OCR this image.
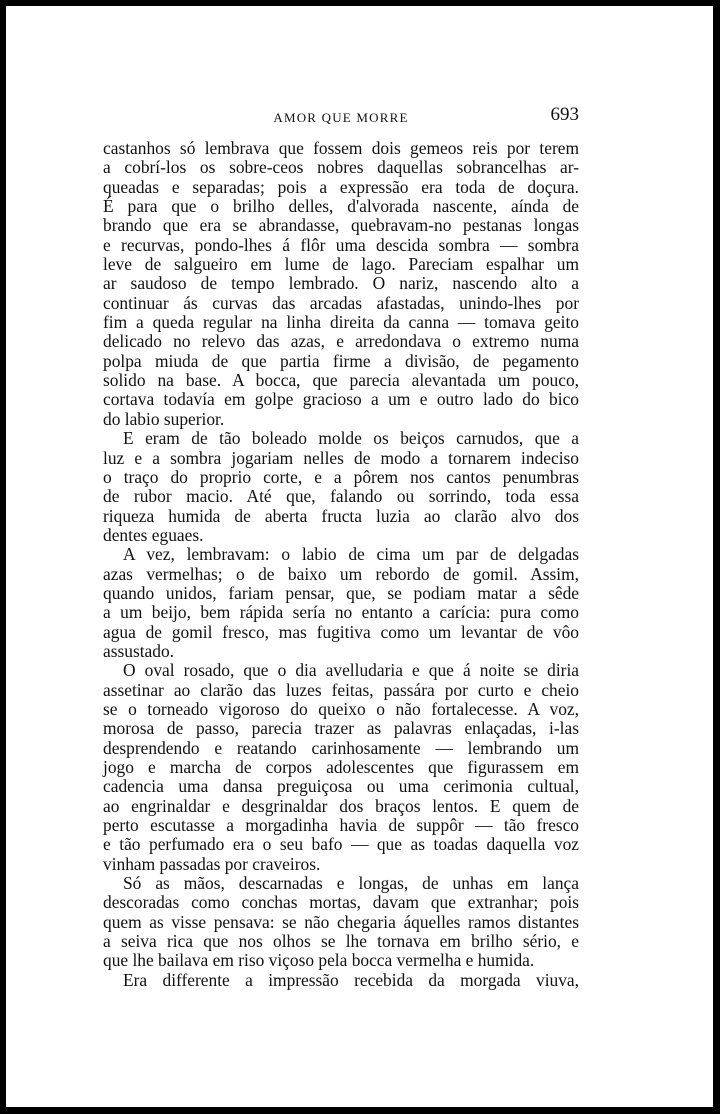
AMOR QUE MORRE	693
castanhos só lembrava que fossem dois gemeos reis por terem
a cobrí-los os sobre-ceos nobres daquellas sobrancelhas ar-
queadas e separadas; pois a expressão era toda de doçura.
É para que o brilho delles, d'alvorada nascente, aínda de
brando que era se abrandasse, quebravam-no pestanas longas
e recurvas, pondo-lhes á flôr uma descida sombra — sombra
leve de salgueiro em lume de lago. Pareciam espalhar um
ar saudoso de tempo lembrado. O nariz, nascendo alto a
continuar ás curvas das arcadas afastadas, unindo-lhes por
fim a queda regular na linha direita da canna — tomava geito
delicado no relevo das azas, e arredondava o extremo numa
polpa miuda de que partia firme a divisão, de pegamento
solido na base. A bocca, que parecia alevantada um pouco,
cortava todavía em golpe gracioso a um e outro lado do bico
do labio superior.
E eram de tão boleado molde os beiços carnudos, que a
luz e a sombra jogariam nelles de modo a tornarem indeciso
o traço do proprio corte, e a pôrem nos cantos penumbras
de rubor macio. Até que, falando ou sorrindo, toda essa
riqueza humida de aberta fructa luzia ao clarão alvo dos
dentes eguaes.
A vez, lembravam: o labio de cima um par de delgadas
azas vermelhas; o de baixo um rebordo de gomil. Assim,
quando unidos, fariam pensar, que, se podiam matar a sêde
a um beijo, bem rápida sería no entanto a carícia: pura como
agua de gomil fresco, mas fugitiva como um levantar de vôo
assustado.
O oval rosado, que o dia avelludaria e que á noite se diria
assetinar ao clarão das luzes feitas, passára por curto e cheio
se o torneado vigoroso do queixo o não fortalecesse. A voz,
morosa de passo, parecia trazer as palavras enlaçadas, i-las
desprendendo e reatando carinhosamente — lembrando um
jogo e marcha de corpos adolescentes que figurassem em
cadencia uma dansa preguiçosa ou uma cerimonia cultual,
ao engrinaldar e desgrinaldar dos braços lentos. E quem de
perto escutasse a morgadinha havia de suppôr — tão fresco
e tão perfumado era o seu bafo — que as toadas daquella voz
vinham passadas por craveiros.
Só as mãos, descarnadas e longas, de unhas em lança
descoradas como conchas mortas, davam que extranhar; pois
quem as visse pensava: se não chegaria áquelles ramos distantes
a seiva rica que nos olhos se lhe tornava em brilho sério, e
que lhe bailava em riso viçoso pela bocca vermelha e humida.
Era differente a impressão recebida da morgada viuva,
